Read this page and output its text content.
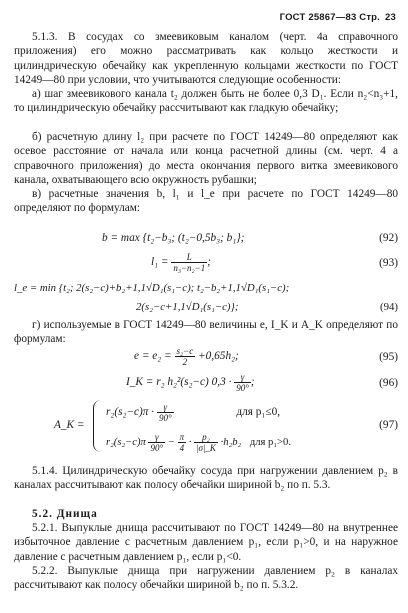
ГОСТ 25867—83 Стр. 23

5.1.3. В сосудах со змеевиковым каналом (черт. 4а справочного приложения) его можно рассматривать как кольцо жесткости и цилиндрическую обечайку как укрепленную кольцами жесткости по ГОСТ 14249—80 при условии, что учитываются следующие особенности:

а) шаг змеевикового канала t₂ должен быть не более 0,3 D₁. Если n₂<n₃+1, то цилиндрическую обечайку рассчитывают как гладкую обечайку;

б) расчетную длину l₂ при расчете по ГОСТ 14249—80 определяют как осевое расстояние от начала или конца расчетной длины (см. черт. 4 а справочного приложения) до места окончания первого витка змеевикового канала, охватывающего всю окружность рубашки;

в) расчетные значения b, l₁ и l_e при расчете по ГОСТ 14249—80 определяют по формулам:

b = max {t₂−b₃; (t₂−0,5b₃; b₁};	(92)
$l_1 = \frac{L}{\text{n₃−n₂−1}}$ ;	(93)
l_e = min {t₂; 2(s₂−c)+b₂+1,1√D₁(s₁−c); t₂−b₂+1,1√D₁(s₁−c);
2(s₂−c+1,1√D₁(s₁−c)};	(94)

г) используемые в ГОСТ 14249—80 величины e, I_K и A_K определяют по формулам:

$e = e_2 = \frac{\text{s₂−c}}{2} +0,65h_2$;	(95)
I_K = r₂ h₂²(s₂−c) $0,3 \cdot \frac{\gamma}{90^\circ}$ ;	(96)
A_K =
$r_2(s_2-c)\pi \cdot \frac{\gamma}{90^\circ}$	для p₁≤0,
(97)
$r_2(s_2-c)\pi \frac{\gamma}{90^\circ} - \frac{\pi}{4} \cdot \frac{\text{p₂}}{|\sigma|\_K} \cdot h_2b_2$ для p₁>0.

5.1.4. Цилиндрическую обечайку сосуда при нагружении давлением p₂ в каналах рассчитывают как полосу обечайки шириной b₂ по п. 5.3.

5.2. Днища

5.2.1. Выпуклые днища рассчитывают по ГОСТ 14249—80 на внутреннее избыточное давление с расчетным давлением p₁, если p₁>0, и на наружное давление с расчетным давлением p₁, если p₁<0.

5.2.2. Выпуклые днища при нагружении давлением p₂ в каналах рассчитывают как полосу обечайки шириной b₂ по п. 5.3.2.
